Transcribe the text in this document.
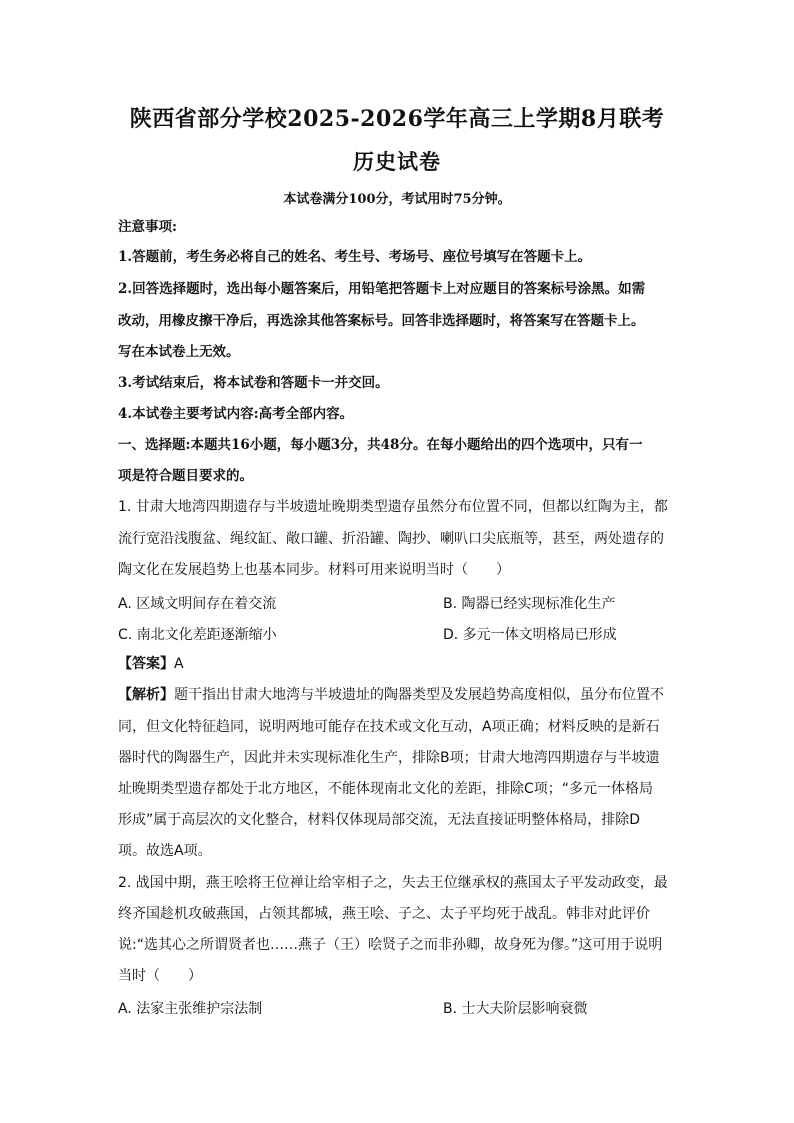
陕西省部分学校2025-2026学年高三上学期8月联考
历史试卷
本试卷满分100分，考试用时75分钟。
注意事项:
1.答题前，考生务必将自己的姓名、考生号、考场号、座位号填写在答题卡上。
2.回答选择题时，选出每小题答案后，用铅笔把答题卡上对应题目的答案标号涂黑。如需
改动，用橡皮擦干净后，再选涂其他答案标号。回答非选择题时，将答案写在答题卡上。
写在本试卷上无效。
3.考试结束后，将本试卷和答题卡一并交回。
4.本试卷主要考试内容:高考全部内容。
一、选择题:本题共16小题，每小题3分，共48分。在每小题给出的四个选项中，只有一
项是符合题目要求的。
1. 甘肃大地湾四期遗存与半坡遗址晚期类型遗存虽然分布位置不同，但都以红陶为主，都
流行宽沿浅腹盆、绳纹缸、敞口罐、折沿罐、陶抄、喇叭口尖底瓶等，甚至，两处遗存的
陶文化在发展趋势上也基本同步。材料可用来说明当时（　　）
A. 区域文明间存在着交流	B. 陶器已经实现标准化生产
C. 南北文化差距逐渐缩小	D. 多元一体文明格局已形成
【答案】A
【解析】题干指出甘肃大地湾与半坡遗址的陶器类型及发展趋势高度相似，虽分布位置不
同，但文化特征趋同，说明两地可能存在技术或文化互动，A项正确；材料反映的是新石
器时代的陶器生产，因此并未实现标准化生产，排除B项；甘肃大地湾四期遗存与半坡遗
址晚期类型遗存都处于北方地区，不能体现南北文化的差距，排除C项；“多元一体格局
形成”属于高层次的文化整合，材料仅体现局部交流，无法直接证明整体格局，排除D
项。故选A项。
2. 战国中期，燕王哙将王位禅让给宰相子之，失去王位继承权的燕国太子平发动政变，最
终齐国趁机攻破燕国，占领其都城，燕王哙、子之、太子平均死于战乱。韩非对此评价
说:“选其心之所谓贤者也……燕子（王）哙贤子之而非孙卿，故身死为僇。”这可用于说明
当时（　　）
A. 法家主张维护宗法制	B. 士大夫阶层影响衰微
